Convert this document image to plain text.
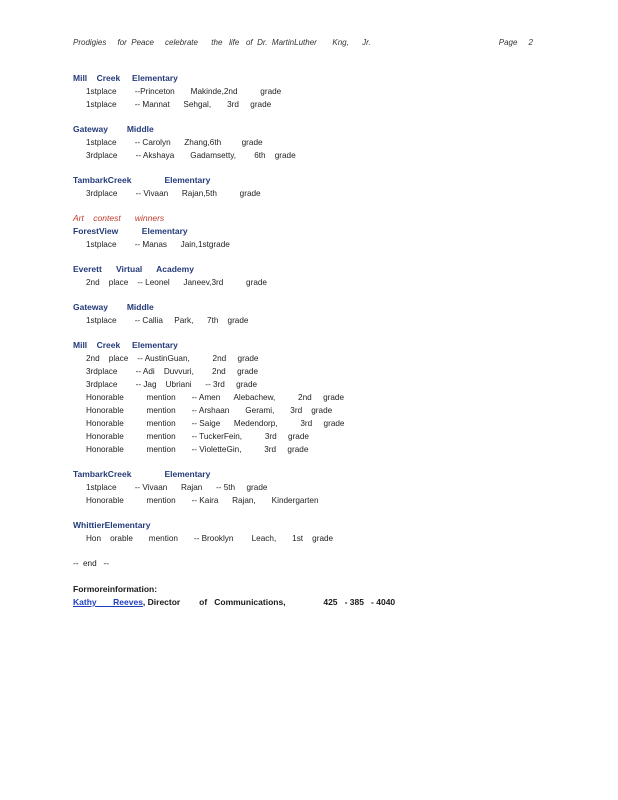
Prodigies     for  Peace     celebrate      the   life   of  Dr.  MartinLuther       Kng,      Jr.	Page     2
Mill    Creek     Elementary
1stplace        --Princeton       Makinde,2nd          grade
1stplace        -- Mannat      Sehgal,       3rd     grade
Gateway        Middle
1stplace        -- Carolyn      Zhang,6th         grade
3rdplace        -- Akshaya       Gadamsetty,        6th    grade
TambarkCreek              Elementary
3rdplace        -- Vivaan      Rajan,5th          grade
Art    contest      winners
ForestView          Elementary
1stplace        -- Manas      Jain,1stgrade
Everett      Virtual      Academy
2nd    place    -- Leonel      Janeev,3rd          grade
Gateway        Middle
1stplace        -- Callia     Park,      7th    grade
Mill    Creek     Elementary
2nd    place    -- AustinGuan,          2nd     grade
3rdplace        -- Adi    Duvvuri,        2nd     grade
3rdplace        -- Jag    Ubriani      -- 3rd     grade
Honorable          mention       -- Amen      Alebachew,          2nd     grade
Honorable          mention       -- Arshaan       Gerami,       3rd    grade
Honorable          mention       -- Saige      Medendorp,          3rd     grade
Honorable          mention       -- TuckerFein,          3rd     grade
Honorable          mention       -- VioletteGin,          3rd     grade
TambarkCreek              Elementary
1stplace        -- Vivaan      Rajan      -- 5th     grade
Honorable          mention       -- Kaira      Rajan,       Kindergarten
WhittierElementary
Hon    orable       mention       -- Brooklyn        Leach,       1st    grade
--  end   --
Formoreinformation:
Kathy       Reeves, Director        of   Communications,                425   - 385   - 4040
